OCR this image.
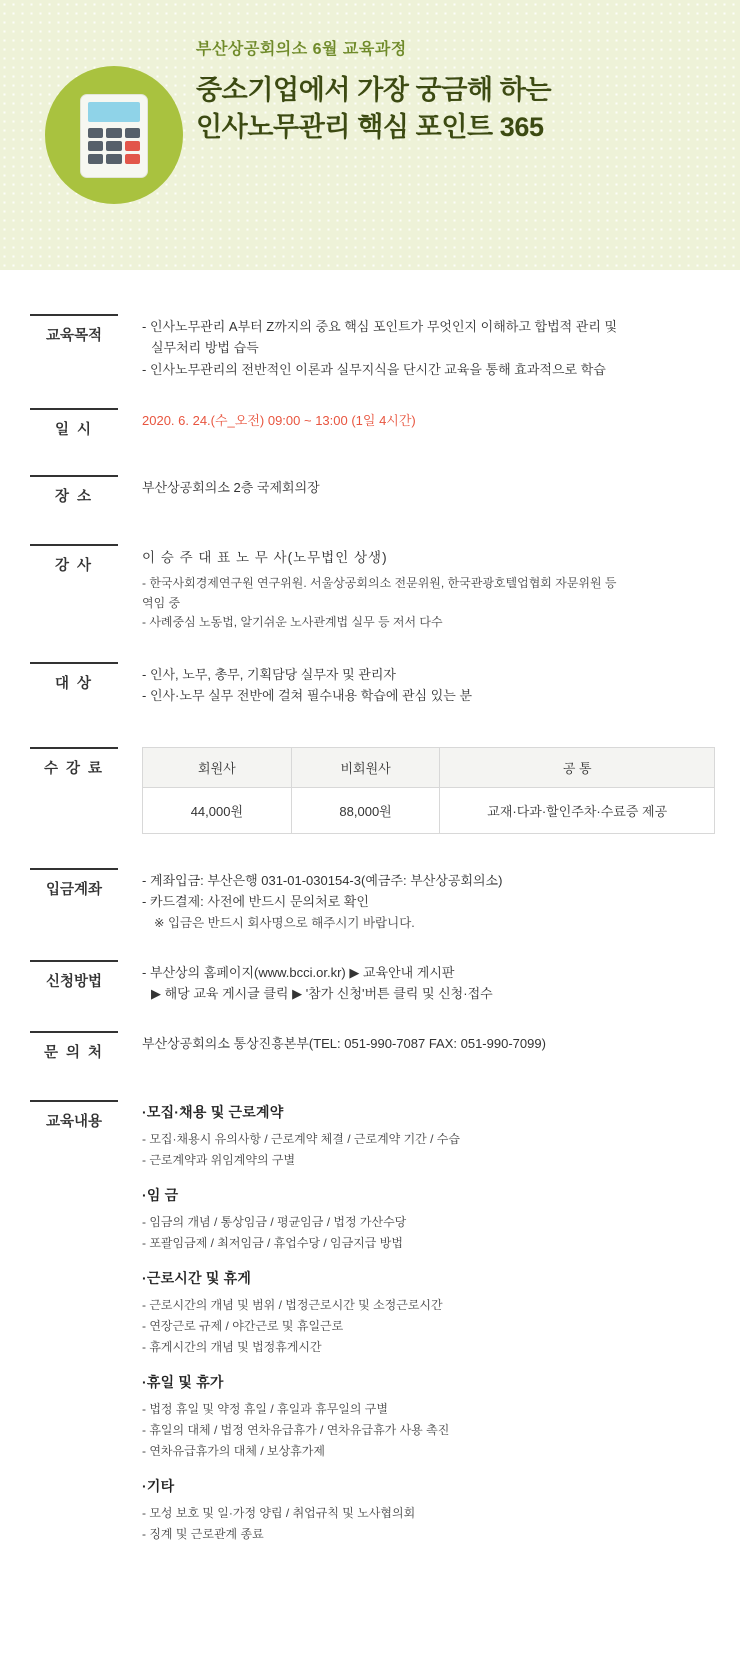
부산상공회의소 6월 교육과정
중소기업에서 가장 궁금해 하는
인사노무관리 핵심 포인트 365
교육목적
- 인사노무관리 A부터 Z까지의 중요 핵심 포인트가 무엇인지 이해하고 합법적 관리 및
실무처리 방법 습득
- 인사노무관리의 전반적인 이론과 실무지식을 단시간 교육을 통해 효과적으로 학습
일 시
2020. 6. 24.(수_오전) 09:00 ~ 13:00 (1일 4시간)
장 소
부산상공회의소 2층 국제회의장
강 사
이 승 주 대 표 노 무 사(노무법인 상생)
- 한국사회경제연구원 연구위원. 서울상공회의소 전문위원, 한국관광호텔업협회 자문위원 등
역임 중
- 사례중심 노동법, 알기쉬운 노사관계법 실무 등 저서 다수
대 상
- 인사, 노무, 총무, 기획담당 실무자 및 관리자
- 인사·노무 실무 전반에 걸쳐 필수내용 학습에 관심 있는 분
수 강 료	회원사	비회원사	공 통
44,000원	88,000원	교재·다과·할인주차·수료증 제공
입금계좌
- 계좌입금: 부산은행 031-01-030154-3(예금주: 부산상공회의소)
- 카드결제: 사전에 반드시 문의처로 확인
※ 입금은 반드시 회사명으로 해주시기 바랍니다.
신청방법
- 부산상의 홈페이지(www.bcci.or.kr) ▶ 교육안내 게시판
▶ 해당 교육 게시글 클릭 ▶ '참가 신청'버튼 클릭 및 신청·접수
문 의 처
부산상공회의소 통상진흥본부(TEL: 051-990-7087 FAX: 051-990-7099)
교육내용
·모집·채용 및 근로계약
- 모집·채용시 유의사항 / 근로계약 체결 / 근로계약 기간 / 수습
- 근로계약과 위임계약의 구별
·임 금
- 임금의 개념 / 통상임금 / 평균임금 / 법정 가산수당
- 포괄임금제 / 최저임금 / 휴업수당 / 임금지급 방법
·근로시간 및 휴게
- 근로시간의 개념 및 범위 / 법정근로시간 및 소정근로시간
- 연장근로 규제 / 야간근로 및 휴일근로
- 휴게시간의 개념 및 법정휴게시간
·휴일 및 휴가
- 법정 휴일 및 약정 휴일 / 휴일과 휴무일의 구별
- 휴일의 대체 / 법정 연차유급휴가 / 연차유급휴가 사용 촉진
- 연차유급휴가의 대체 / 보상휴가제
·기타
- 모성 보호 및 일·가정 양립 / 취업규칙 및 노사협의회
- 징계 및 근로관계 종료
